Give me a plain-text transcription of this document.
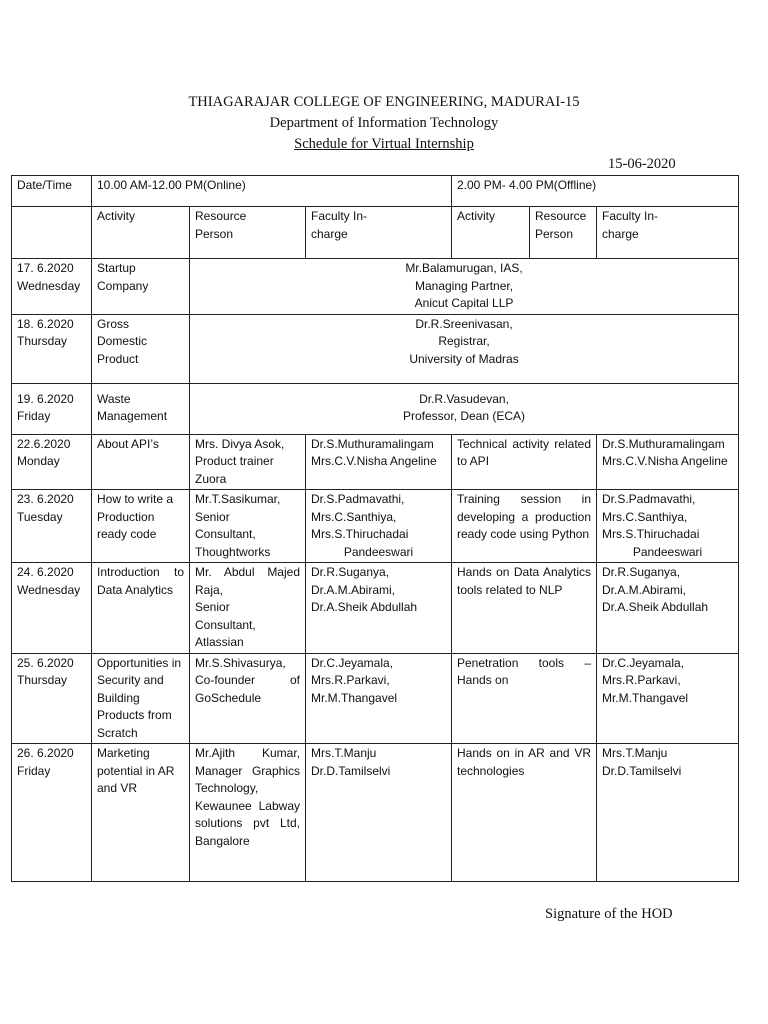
THIAGARAJAR COLLEGE OF ENGINEERING, MADURAI-15
Department of Information Technology
Schedule for Virtual Internship
15-06-2020
Date/Time	10.00 AM-12.00 PM(Online)			2.00 PM- 4.00 PM(Offline)		
	Activity	Resource
Person	Faculty In-
charge	Activity	Resource
Person	Faculty In-
charge

17. 6.2020
Wednesday	Startup
Company	Mr.Balamurugan, IAS,
Managing Partner,
Anicut Capital LLP				

18. 6.2020
Thursday	Gross
Domestic
Product	Dr.R.Sreenivasan,
Registrar,
University of Madras				

19. 6.2020
Friday	Waste
Management	Dr.R.Vasudevan,
Professor, Dean (ECA)				

22.6.2020
Monday	About API’s	Mrs. Divya Asok,
Product trainer
Zuora	Dr.S.Muthuramalingam
Mrs.C.V.Nisha Angeline	Technical activity related to API		Dr.S.Muthuramalingam
Mrs.C.V.Nisha Angeline

23. 6.2020
Tuesday	How to write a
Production
ready code	Mr.T.Sasikumar,
Senior
Consultant,
Thoughtworks	Dr.S.Padmavathi,
Mrs.C.Santhiya,
Mrs.S.Thiruchadai
Pandeeswari	Training session in developing a production ready code using Python		Dr.S.Padmavathi,
Mrs.C.Santhiya,
Mrs.S.Thiruchadai
Pandeeswari

24. 6.2020
Wednesday	Introduction to Data Analytics	Mr. Abdul Majed Raja,
Senior
Consultant,
Atlassian	Dr.R.Suganya,
Dr.A.M.Abirami,
Dr.A.Sheik Abdullah	Hands on Data Analytics tools related to NLP		Dr.R.Suganya,
Dr.A.M.Abirami,
Dr.A.Sheik Abdullah

25. 6.2020
Thursday	Opportunities in Security and Building Products from Scratch	Mr.S.Shivasurya, Co-founder of GoSchedule	Dr.C.Jeyamala,
Mrs.R.Parkavi,
Mr.M.Thangavel	Penetration tools – Hands on		Dr.C.Jeyamala,
Mrs.R.Parkavi,
Mr.M.Thangavel

26. 6.2020
Friday	Marketing potential in AR and VR	Mr.Ajith Kumar, Manager Graphics Technology, Kewaunee Labway solutions pvt Ltd, Bangalore	Mrs.T.Manju
Dr.D.Tamilselvi	Hands on in AR and VR technologies		Mrs.T.Manju
Dr.D.Tamilselvi
Signature of the HOD
